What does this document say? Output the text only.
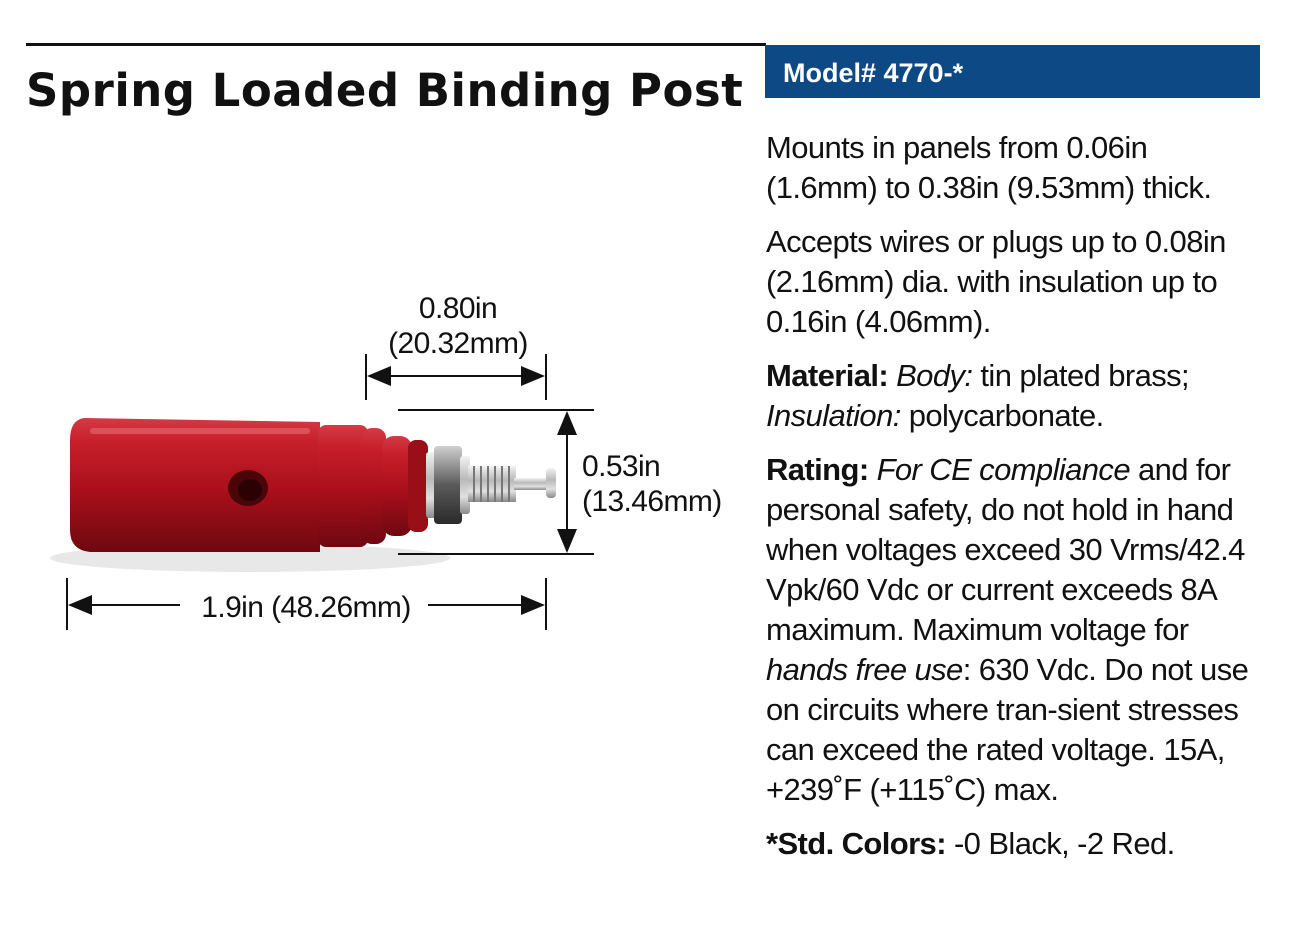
Spring Loaded Binding Post	Model# 4770-*

Mounts in panels from 0.06in (1.6mm) to 0.38in (9.53mm) thick.

Accepts wires or plugs up to 0.08in (2.16mm) dia. with insulation up to 0.16in (4.06mm).

Material: Body: tin plated brass; Insulation: polycarbonate.

Rating: For CE compliance and for personal safety, do not hold in hand when voltages exceed 30 Vrms/42.4 Vpk/60 Vdc or current exceeds 8A maximum. Maximum voltage for hands free use: 630 Vdc. Do not use on circuits where tran-sient stresses can exceed the rated voltage. 15A, +239˚F (+115˚C) max.

*Std. Colors: -0 Black, -2 Red.

0.80in
(20.32mm)
0.53in
(13.46mm)
1.9in (48.26mm)
